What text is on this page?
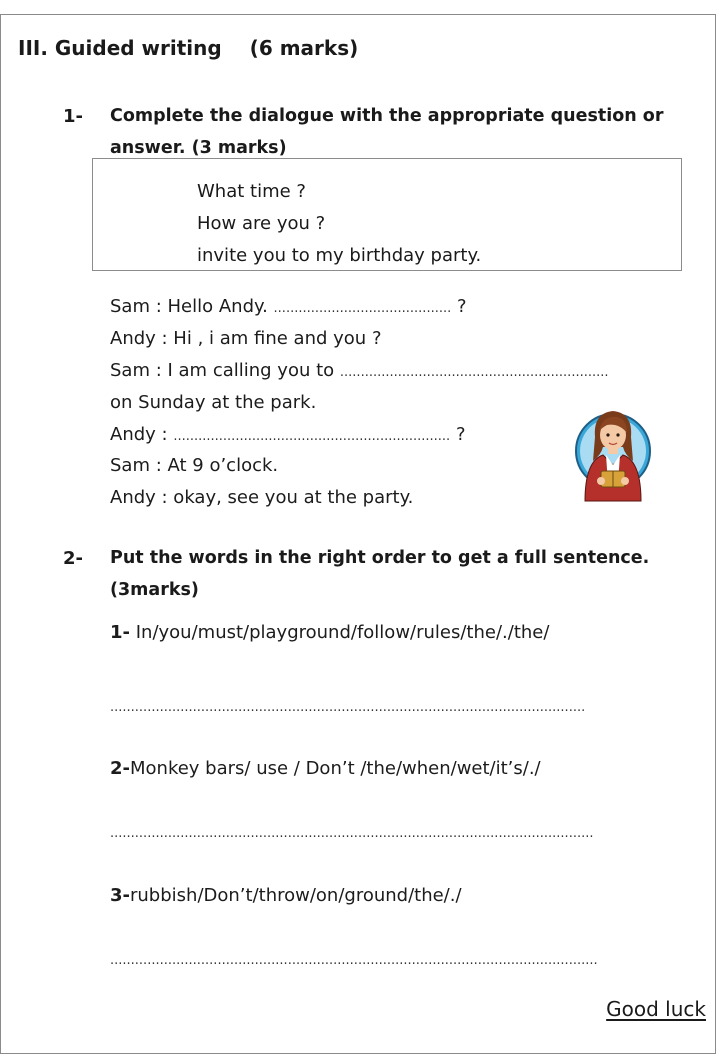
III. Guided writing (6 marks)
1- Complete the dialogue with the appropriate question or
answer. (3 marks)
What time ?
How are you ?
invite you to my birthday party.
Sam : Hello Andy. ........................................... ?
Andy : Hi , i am fine and you ?
Sam : I am calling you to .................................................................
on Sunday at the park.
Andy : ................................................................... ?
Sam : At 9 o’clock.
Andy : okay, see you at the party.
2- Put the words in the right order to get a full sentence.
(3marks)
1- In/you/must/playground/follow/rules/the/./the/
...................................................................................................................
2-Monkey bars/ use / Don’t /the/when/wet/it’s/./
.....................................................................................................................
3-rubbish/Don’t/throw/on/ground/the/./
......................................................................................................................
Good luck
